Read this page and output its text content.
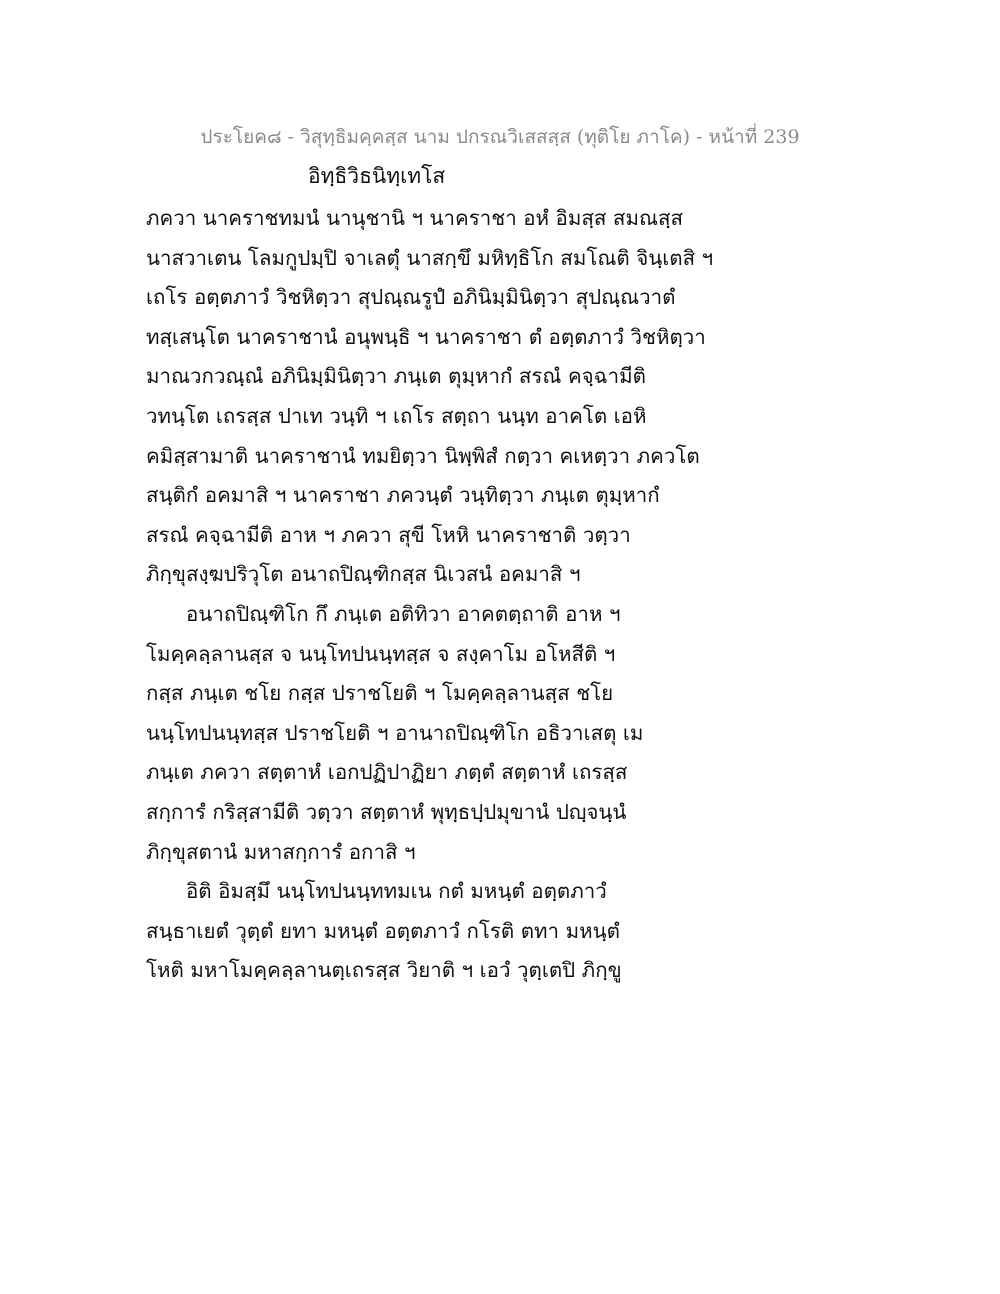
ประโยค๘ - วิสุทฺธิมคฺคสฺส นาม ปกรณวิเสสสฺส (ทุติโย ภาโค) - หน้าที่ 239
อิทฺธิวิธนิทฺเทโส
ภควา นาคราชทมนํ นานุชานิ ฯ นาคราชา อหํ อิมสฺส สมณสฺส
นาสวาเตน โลมกูปมฺปิ จาเลตุํ นาสกฺขึ มหิทฺธิโก สมโณติ จินฺเตสิ ฯ
เถโร อตฺตภาวํ วิชหิตฺวา สุปณฺณรูปํ อภินิมฺมินิตฺวา สุปณฺณวาตํ
ทสฺเสนฺโต นาคราชานํ อนุพนฺธิ ฯ นาคราชา ตํ อตฺตภาวํ วิชหิตฺวา
มาณวกวณฺณํ อภินิมฺมินิตฺวา ภนฺเต ตุมฺหากํ สรณํ คจฺฉามีติ
วทนฺโต เถรสฺส ปาเท วนฺทิ ฯ เถโร สตฺถา นนฺท อาคโต เอหิ
คมิสฺสามาติ นาคราชานํ ทมยิตฺวา นิพฺพิสํ กตฺวา คเหตฺวา ภควโต
สนฺติกํ อคมาสิ ฯ นาคราชา ภควนฺตํ วนฺทิตฺวา ภนฺเต ตุมฺหากํ
สรณํ คจฺฉามีติ อาห ฯ ภควา สุขี โหหิ นาคราชาติ วตฺวา
ภิกฺขุสงฺฆปริวุโต อนาถปิณฺฑิกสฺส นิเวสนํ อคมาสิ ฯ
อนาถปิณฺฑิโก กึ ภนฺเต อติทิวา อาคตตฺถาติ อาห ฯ
โมคฺคลฺลานสฺส จ นนฺโทปนนฺทสฺส จ สงฺคาโม อโหสีติ ฯ
กสฺส ภนฺเต ชโย กสฺส ปราชโยติ ฯ โมคฺคลฺลานสฺส ชโย
นนฺโทปนนฺทสฺส ปราชโยติ ฯ อานาถปิณฺฑิโก อธิวาเสตุ เม
ภนฺเต ภควา สตฺตาหํ เอกปฏิปาฏิยา ภตฺตํ สตฺตาหํ เถรสฺส
สกฺการํ กริสฺสามีติ วตฺวา สตฺตาหํ พุทฺธปฺปมุขานํ ปญฺจนฺนํ
ภิกฺขุสตานํ มหาสกฺการํ อกาสิ ฯ
อิติ อิมสฺมึ นนฺโทปนนฺททมเน กตํ มหนฺตํ อตฺตภาวํ
สนฺธาเยตํ วุตฺตํ ยทา มหนฺตํ อตฺตภาวํ กโรติ ตทา มหนฺตํ
โหติ มหาโมคฺคลฺลานตฺเถรสฺส วิยาติ ฯ เอวํ วุตฺเตปิ ภิกฺขู
